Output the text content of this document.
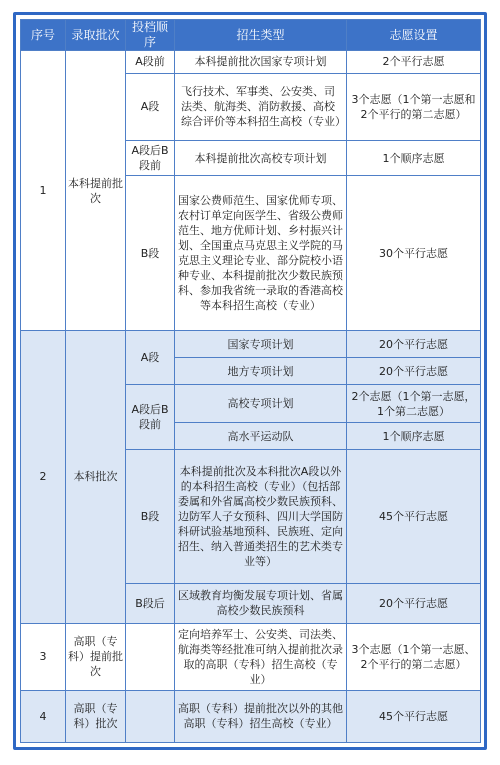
序号	录取批次	投档顺序	招生类型	志愿设置
1	本科提前批次	A段前	本科提前批次国家专项计划	2个平行志愿
		A段	飞行技术、军事类、公安类、司法类、航海类、消防救援、高校综合评价等本科招生高校（专业）	3个志愿（1个第一志愿和2个平行的第二志愿）
		A段后B段前	本科提前批次高校专项计划	1个顺序志愿
		B段	国家公费师范生、国家优师专项、农村订单定向医学生、省级公费师范生、地方优师计划、乡村振兴计划、全国重点马克思主义学院的马克思主义理论专业、部分院校小语种专业、本科提前批次少数民族预科、参加我省统一录取的香港高校等本科招生高校（专业）	30个平行志愿
2	本科批次	A段	国家专项计划	20个平行志愿
			地方专项计划	20个平行志愿
		A段后B段前	高校专项计划	2个志愿（1个第一志愿，1个第二志愿）
			高水平运动队	1个顺序志愿
		B段	本科提前批次及本科批次A段以外的本科招生高校（专业）（包括部委属和外省属高校少数民族预科、边防军人子女预科、四川大学国防科研试验基地预科、民族班、定向招生、纳入普通类招生的艺术类专业等）	45个平行志愿
		B段后	区域教育均衡发展专项计划、省属高校少数民族预科	20个平行志愿
3	高职（专科）提前批次		定向培养军士、公安类、司法类、航海类等经批准可纳入提前批次录取的高职（专科）招生高校（专业）	3个志愿（1个第一志愿、2个平行的第二志愿）
4	高职（专科）批次		高职（专科）提前批次以外的其他高职（专科）招生高校（专业）	45个平行志愿
